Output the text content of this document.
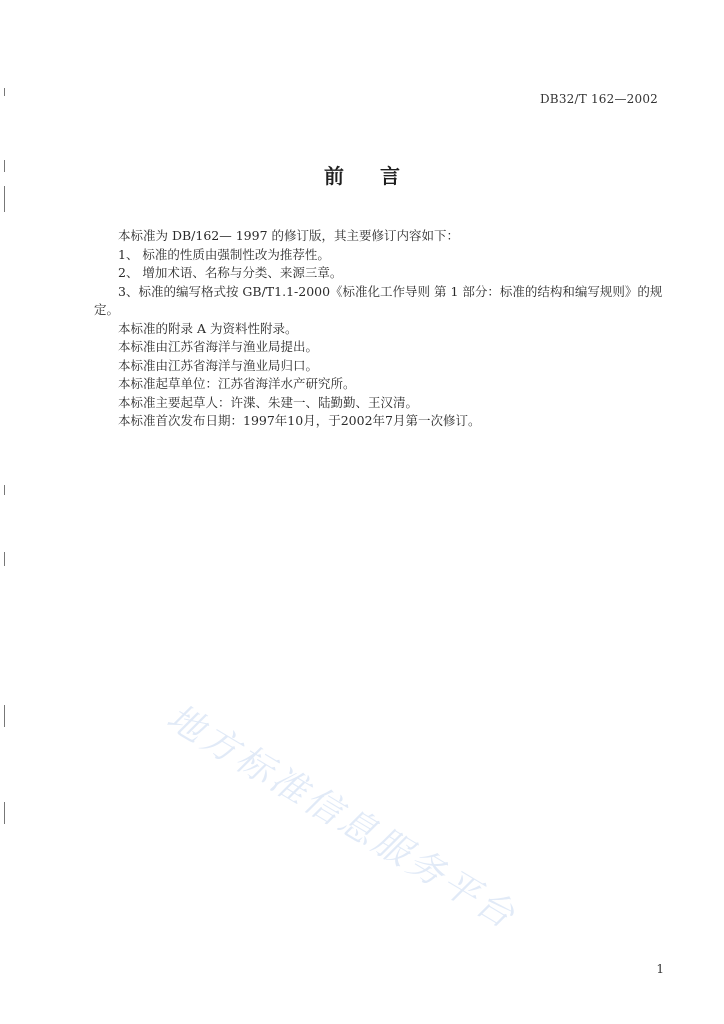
DB32/T 162—2002
前言

本标准为 DB/162— 1997 的修订版，其主要修订内容如下：

1、 标准的性质由强制性改为推荐性。

2、 增加术语、名称与分类、来源三章。

3、标准的编写格式按 GB/T1.1-2000《标准化工作导则 第 1 部分：标准的结构和编写规则》的规定。

本标准的附录 A 为资料性附录。

本标准由江苏省海洋与渔业局提出。

本标准由江苏省海洋与渔业局归口。

本标准起草单位：江苏省海洋水产研究所。

本标准主要起草人：许渫、朱建一、陆勤勤、王汉清。

本标准首次发布日期：1997年10月，于2002年7月第一次修订。

地方标准信息服务平台
1
